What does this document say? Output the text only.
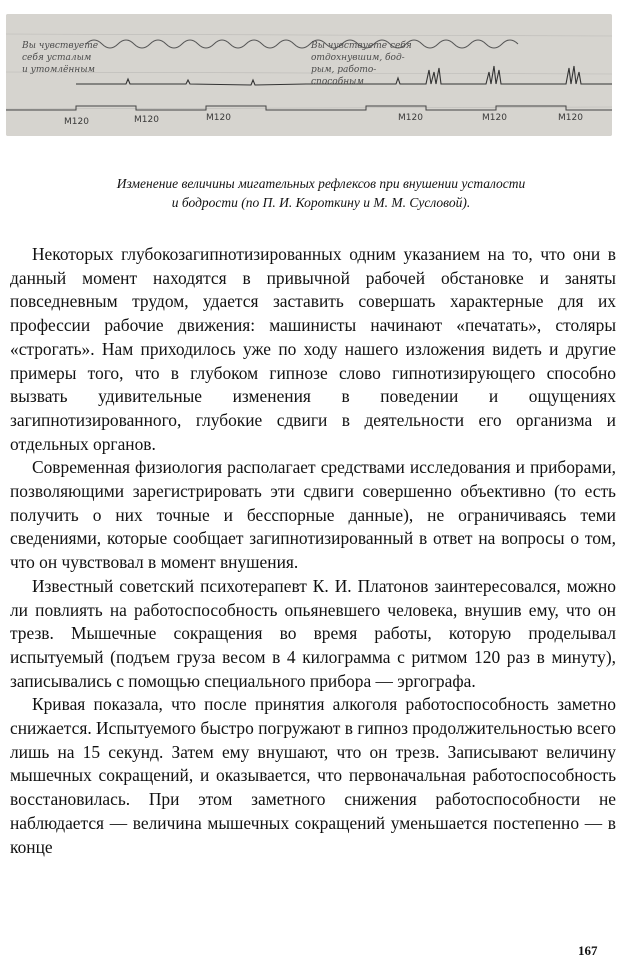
Вы чувствуете
себя усталым
и утомлённым
Вы чувствуете себя
отдохнувшим, бод-
рым, работо-
способным
M120	M120	M120	M120	M120	M120
Изменение величины мигательных рефлексов при внушении усталости
и бодрости (по П. И. Короткину и М. М. Сусловой).

Некоторых глубокозагипнотизированных одним указанием на то, что они в данный момент находятся в привычной рабочей обстановке и заняты повседневным трудом, удается заставить совершать характерные для их профессии рабочие движения: машинисты начинают «печатать», столяры «строгать». Нам приходилось уже по ходу нашего изложения видеть и другие примеры того, что в глубоком гипнозе слово гипнотизирующего способно вызвать удивительные изменения в поведении и ощущениях загипнотизированного, глубокие сдвиги в деятельности его организма и отдельных органов.

Современная физиология располагает средствами исследования и приборами, позволяющими зарегистрировать эти сдвиги совершенно объективно (то есть получить о них точные и бесспорные данные), не ограничиваясь теми сведениями, которые сообщает загипнотизированный в ответ на вопросы о том, что он чувствовал в момент внушения.

Известный советский психотерапевт К. И. Платонов заинтересовался, можно ли повлиять на работоспособность опьяневшего человека, внушив ему, что он трезв. Мышечные сокращения во время работы, которую проделывал испытуемый (подъем груза весом в 4 килограмма с ритмом 120 раз в минуту), записывались с помощью специального прибора — эргографа.

Кривая показала, что после принятия алкоголя работоспособность заметно снижается. Испытуемого быстро погружают в гипноз продолжительностью всего лишь на 15 секунд. Затем ему внушают, что он трезв. Записывают величину мышечных сокращений, и оказывается, что первоначальная работоспособность восстановилась. При этом заметного снижения работоспособности не наблюдается — величина мышечных сокращений уменьшается постепенно — в конце

167
